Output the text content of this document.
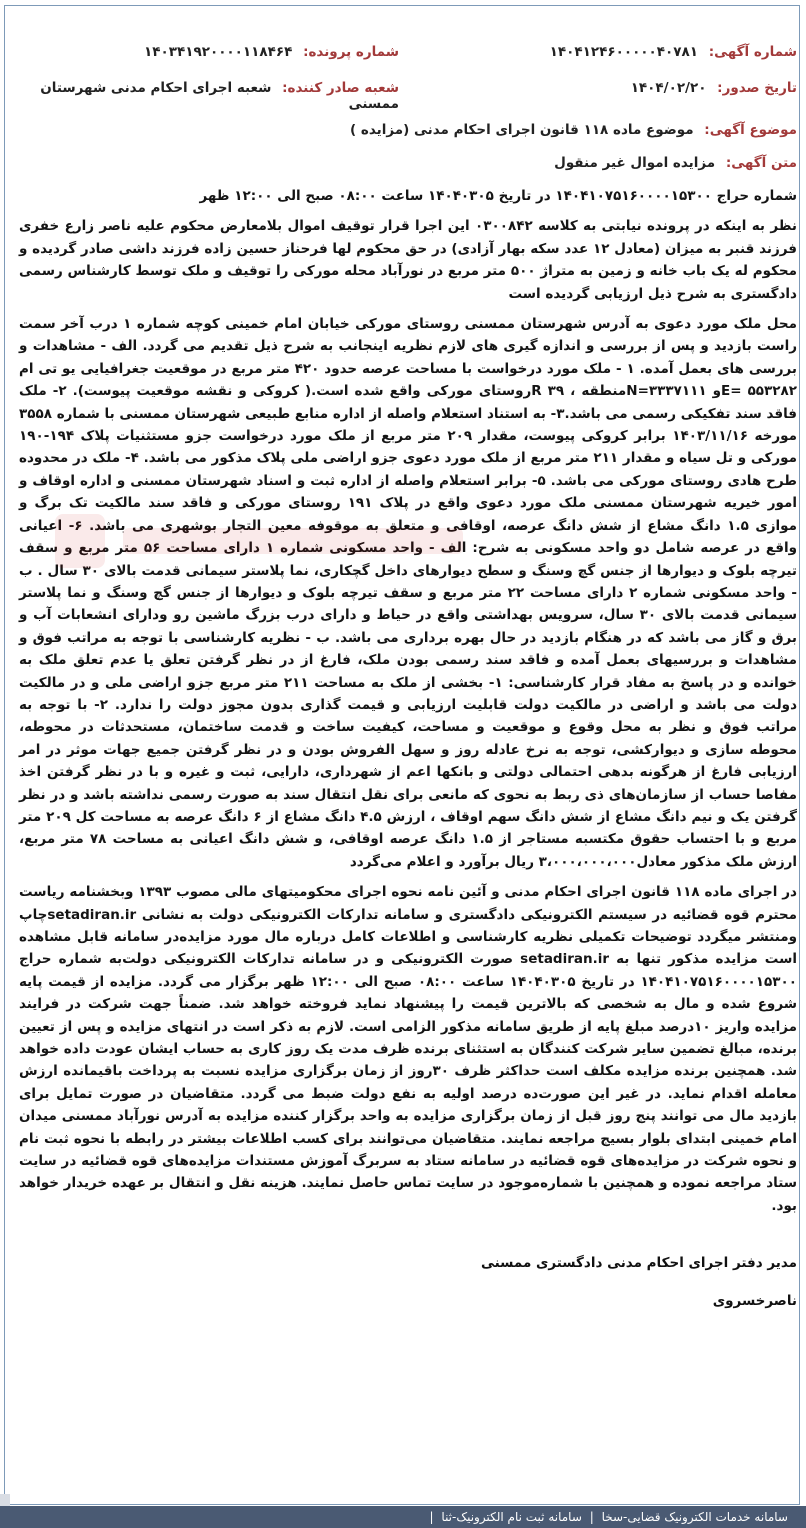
شماره آگهی: ۱۴۰۴۱۲۴۶۰۰۰۰۰۴۰۷۸۱
شماره پرونده: ۱۴۰۳۴۱۹۲۰۰۰۰۱۱۸۴۶۴
تاریخ صدور: ۱۴۰۴/۰۲/۲۰
شعبه صادر کننده: شعبه اجرای احکام مدنی شهرستان ممسنی
موضوع آگهی: موضوع ماده ۱۱۸ قانون اجرای احکام مدنی (مزایده )
متن آگهی: مزایده اموال غیر منقول

شماره حراج ۱۴۰۴۱۰۷۵۱۶۰۰۰۰۱۵۳۰۰ در تاریخ ۱۴۰۴۰۳۰۵ ساعت ۰۸:۰۰ صبح الی ۱۲:۰۰ ظهر

نظر به اینکه در پرونده نیابتی به کلاسه ۰۳۰۰۸۴۲ این اجرا قرار توقیف اموال بلامعارض محکوم علیه ناصر زارع خفری فرزند قنبر به میزان (معادل ۱۲ عدد سکه بهار آزادی) در حق محکوم لها فرحناز حسین زاده فرزند داشی صادر گردیده و محکوم له یک باب خانه و زمین به متراژ ۵۰۰ متر مربع در نورآباد محله مورکی را توقیف و ملک توسط کارشناس رسمی دادگستری به شرح ذیل ارزیابی گردیده است

محل ملک مورد دعوی به آدرس شهرستان ممسنی روستای مورکی خیابان امام خمینی کوچه شماره ۱ درب آخر سمت راست بازدید و پس از بررسی و اندازه گیری های لازم نظریه اینجانب به شرح ذیل تقدیم می گردد. الف - مشاهدات و بررسی های بعمل آمده. ۱ - ملک مورد درخواست با مساحت عرصه حدود ۴۲۰ متر مربع در موقعیت جغرافیایی یو تی ام E= ۵۵۳۲۸۲و N=۳۳۳۷۱۱۱منطقه ، ۳۹ Rروستای مورکی واقع شده است.( کروکی و نقشه موقعیت پیوست). ۲- ملک فاقد سند تفکیکی رسمی می باشد.۳- به استناد استعلام واصله از اداره منابع طبیعی شهرستان ممسنی با شماره ۳۵۵۸ مورخه ۱۴۰۳/۱۱/۱۶ برابر کروکی پیوست، مقدار ۲۰۹ متر مربع از ملک مورد درخواست جزو مستثنیات پلاک ۱۹۴-۱۹۰ مورکی و تل سیاه و مقدار ۲۱۱ متر مربع از ملک مورد دعوی جزو اراضی ملی پلاک مذکور می باشد. ۴- ملک در محدوده طرح هادی روستای مورکی می باشد. ۵- برابر استعلام واصله از اداره ثبت و اسناد شهرستان ممسنی و اداره اوقاف و امور خیریه شهرستان ممسنی ملک مورد دعوی واقع در پلاک ۱۹۱ روستای مورکی و فاقد سند مالکیت تک برگ و موازی ۱.۵ دانگ مشاع از شش دانگ عرصه، اوقافی و متعلق به موقوفه معین التجار بوشهری می باشد. ۶- اعیانی واقع در عرصه شامل دو واحد مسکونی به شرح: الف - واحد مسکونی شماره ۱ دارای مساحت ۵۶ متر مربع و سقف تیرچه بلوک و دیوارها از جنس گچ وسنگ و سطح دیوارهای داخل گچکاری، نما پلاستر سیمانی قدمت بالای ۳۰ سال . ب - واحد مسکونی شماره ۲ دارای مساحت ۲۲ متر مربع و سقف تیرچه بلوک و دیوارها از جنس گچ وسنگ و نما پلاستر سیمانی قدمت بالای ۳۰ سال، سرویس بهداشتی واقع در حیاط و دارای درب بزرگ ماشین رو ودارای انشعابات آب و برق و گاز می باشد که در هنگام بازدید در حال بهره برداری می باشد. ب - نظریه کارشناسی با توجه به مراتب فوق و مشاهدات و بررسیهای بعمل آمده و فاقد سند رسمی بودن ملک، فارغ از در نظر گرفتن تعلق یا عدم تعلق ملک به خوانده و در پاسخ به مفاد قرار کارشناسی: ۱- بخشی از ملک به مساحت ۲۱۱ متر مربع جزو اراضی ملی و در مالکیت دولت می باشد و اراضی در مالکیت دولت قابلیت ارزیابی و قیمت گذاری بدون مجوز دولت را ندارد. ۲- با توجه به مراتب فوق و نظر به محل وقوع و موقعیت و مساحت، کیفیت ساخت و قدمت ساختمان، مستحدثات در محوطه، محوطه سازی و دیوارکشی، توجه به نرخ عادله روز و سهل الفروش بودن و در نظر گرفتن جمیع جهات موثر در امر ارزیابی فارغ از هرگونه بدهی احتمالی دولتی و بانکها اعم از شهرداری، دارایی، ثبت و غیره و با در نظر گرفتن اخذ مفاصا حساب از سازمان‌های ذی ربط به نحوی که مانعی برای نقل انتقال سند به صورت رسمی نداشته باشد و در نظر گرفتن یک و نیم دانگ مشاع از شش دانگ سهم اوقاف ، ارزش ۴.۵ دانگ مشاع از ۶ دانگ عرصه به مساحت کل ۲۰۹ متر مربع و با احتساب حقوق مکتسبه مستاجر از ۱.۵ دانگ عرصه اوقافی، و شش دانگ اعیانی به مساحت ۷۸ متر مربع، ارزش ملک مذکور معادل۳،۰۰۰،۰۰۰،۰۰۰ ریال برآورد و اعلام می‌گردد

در اجرای ماده ۱۱۸ قانون اجرای احکام مدنی و آئین نامه نحوه اجرای محکومیتهای مالی مصوب ۱۳۹۳ وبخشنامه ریاست محترم قوه قضائیه در سیستم الکترونیکی دادگستری و سامانه تدارکات الکترونیکی دولت به نشانی setadiran.irچاپ ومنتشر میگردد توضیحات تکمیلی نظریه کارشناسی و اطلاعات کامل درباره مال مورد مزایده‌در سامانه قابل مشاهده است مزایده مذکور تنها به setadiran.ir صورت الکترونیکی و در سامانه تدارکات الکترونیکی دولت‌به شماره حراج ۱۴۰۴۱۰۷۵۱۶۰۰۰۰۱۵۳۰۰ در تاریخ ۱۴۰۴۰۳۰۵ ساعت ۰۸:۰۰ صبح الی ۱۲:۰۰ ظهر برگزار می گردد. مزایده از قیمت پایه شروع شده و مال به شخصی که بالاترین قیمت را پیشنهاد نماید فروخته خواهد شد. ضمناً جهت شرکت در فرایند مزایده واریز ۱۰درصد مبلغ پایه از طریق سامانه مذکور الزامی است. لازم به ذکر است در انتهای مزایده و پس از تعیین برنده، مبالغ تضمین سایر شرکت کنندگان به استثنای برنده ظرف مدت یک روز کاری به حساب ایشان عودت داده خواهد شد. همچنین برنده مزایده مکلف است حداکثر ظرف ۳۰روز از زمان برگزاری مزایده نسبت به پرداخت باقیمانده ارزش معامله اقدام نماید. در غیر این صورت‌ده درصد اولیه به نفع دولت ضبط می گردد. متقاضیان در صورت تمایل برای بازدید مال می توانند پنج روز قبل از زمان برگزاری مزایده به واحد برگزار کننده مزایده به آدرس نورآباد ممسنی میدان امام خمینی ابتدای بلوار بسیج مراجعه نمایند. متقاضیان می‌توانند برای کسب اطلاعات بیشتر در رابطه با نحوه ثبت نام و نحوه شرکت در مزایده‌های قوه قضائیه در سامانه ستاد به سربرگ آموزش مستندات مزایده‌های قوه قضائیه در سایت ستاد مراجعه نموده و همچنین با شماره‌موجود در سایت تماس حاصل نمایند. هزینه نقل و انتقال بر عهده خریدار خواهد بود.

مدیر دفتر اجرای احکام مدنی دادگستری ممسنی
ناصرخسروی
سامانه خدمات الکترونیک قضایی-سخا | سامانه ثبت نام الکترونیک-ثنا |
